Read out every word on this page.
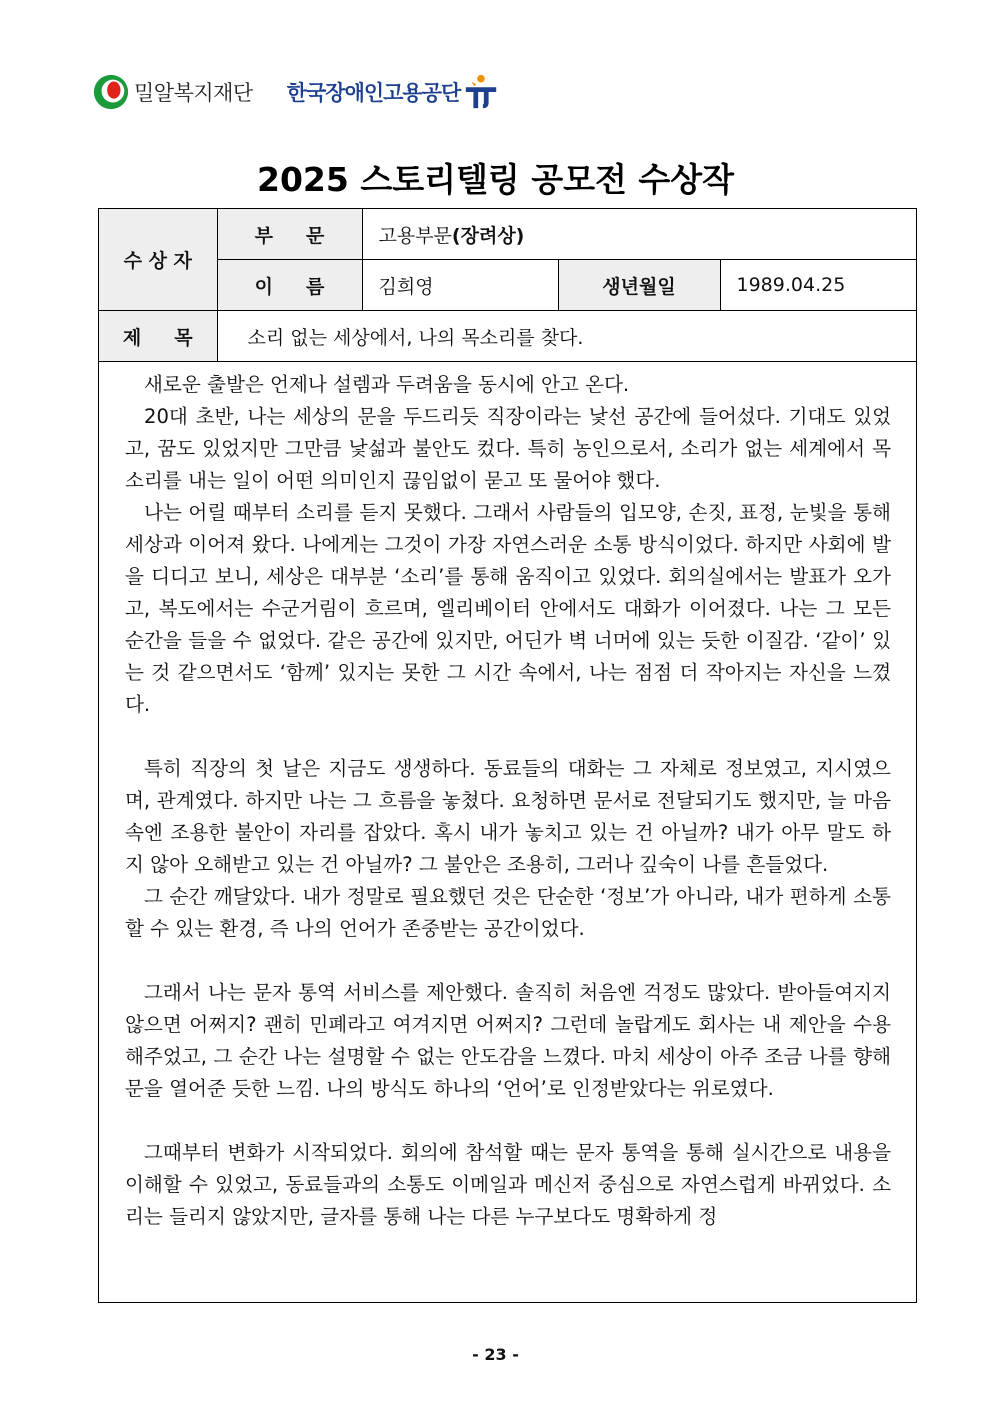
밀알복지재단 한국장애인고용공단
2025 스토리텔링 공모전 수상작
수 상 자	부     문	고용부문(장려상)		
	이     름	김희영	생년월일	1989.04.25
제     목	소리 없는 세상에서, 나의 목소리를 찾다.			

새로운 출발은 언제나 설렘과 두려움을 동시에 안고 온다.

20대 초반, 나는 세상의 문을 두드리듯 직장이라는 낯선 공간에 들어섰다. 기대도 있었고, 꿈도 있었지만 그만큼 낯섦과 불안도 컸다. 특히 농인으로서, 소리가 없는 세계에서 목소리를 내는 일이 어떤 의미인지 끊임없이 묻고 또 물어야 했다.

나는 어릴 때부터 소리를 듣지 못했다. 그래서 사람들의 입모양, 손짓, 표정, 눈빛을 통해 세상과 이어져 왔다. 나에게는 그것이 가장 자연스러운 소통 방식이었다. 하지만 사회에 발을 디디고 보니, 세상은 대부분 ‘소리’를 통해 움직이고 있었다. 회의실에서는 발표가 오가고, 복도에서는 수군거림이 흐르며, 엘리베이터 안에서도 대화가 이어졌다. 나는 그 모든 순간을 들을 수 없었다. 같은 공간에 있지만, 어딘가 벽 너머에 있는 듯한 이질감. ‘같이’ 있는 것 같으면서도 ‘함께’ 있지는 못한 그 시간 속에서, 나는 점점 더 작아지는 자신을 느꼈다.

특히 직장의 첫 날은 지금도 생생하다. 동료들의 대화는 그 자체로 정보였고, 지시였으며, 관계였다. 하지만 나는 그 흐름을 놓쳤다. 요청하면 문서로 전달되기도 했지만, 늘 마음속엔 조용한 불안이 자리를 잡았다. 혹시 내가 놓치고 있는 건 아닐까? 내가 아무 말도 하지 않아 오해받고 있는 건 아닐까? 그 불안은 조용히, 그러나 깊숙이 나를 흔들었다.

그 순간 깨달았다. 내가 정말로 필요했던 것은 단순한 ‘정보’가 아니라, 내가 편하게 소통할 수 있는 환경, 즉 나의 언어가 존중받는 공간이었다.

그래서 나는 문자 통역 서비스를 제안했다. 솔직히 처음엔 걱정도 많았다. 받아들여지지 않으면 어쩌지? 괜히 민폐라고 여겨지면 어쩌지? 그런데 놀랍게도 회사는 내 제안을 수용해주었고, 그 순간 나는 설명할 수 없는 안도감을 느꼈다. 마치 세상이 아주 조금 나를 향해 문을 열어준 듯한 느낌. 나의 방식도 하나의 ‘언어’로 인정받았다는 위로였다.

그때부터 변화가 시작되었다. 회의에 참석할 때는 문자 통역을 통해 실시간으로 내용을 이해할 수 있었고, 동료들과의 소통도 이메일과 메신저 중심으로 자연스럽게 바뀌었다. 소리는 들리지 않았지만, 글자를 통해 나는 다른 누구보다도 명확하게 정

- 23 -
